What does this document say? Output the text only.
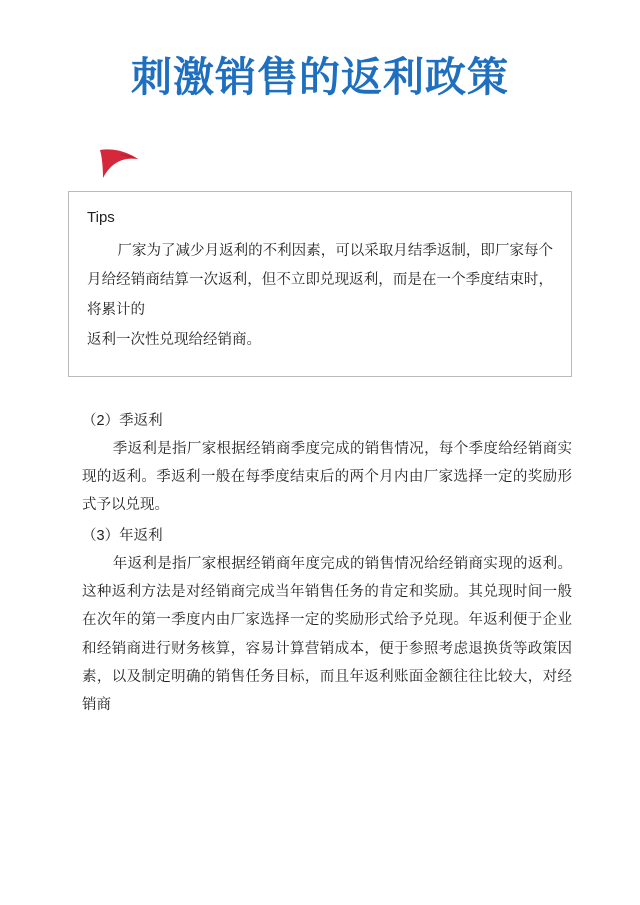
刺激销售的返利政策

Tips

厂家为了减少月返利的不利因素，可以采取月结季返制，即厂家每个月给经销商结算一次返利，但不立即兑现返利，而是在一个季度结束时，将累计的

返利一次性兑现给经销商。

（2）季返利

季返利是指厂家根据经销商季度完成的销售情况，每个季度给经销商实现的返利。季返利一般在每季度结束后的两个月内由厂家选择一定的奖励形式予以兑现。

（3）年返利

年返利是指厂家根据经销商年度完成的销售情况给经销商实现的返利。这种返利方法是对经销商完成当年销售任务的肯定和奖励。其兑现时间一般在次年的第一季度内由厂家选择一定的奖励形式给予兑现。年返利便于企业和经销商进行财务核算，容易计算营销成本，便于参照考虑退换货等政策因素，以及制定明确的销售任务目标，而且年返利账面金额往往比较大，对经销商
